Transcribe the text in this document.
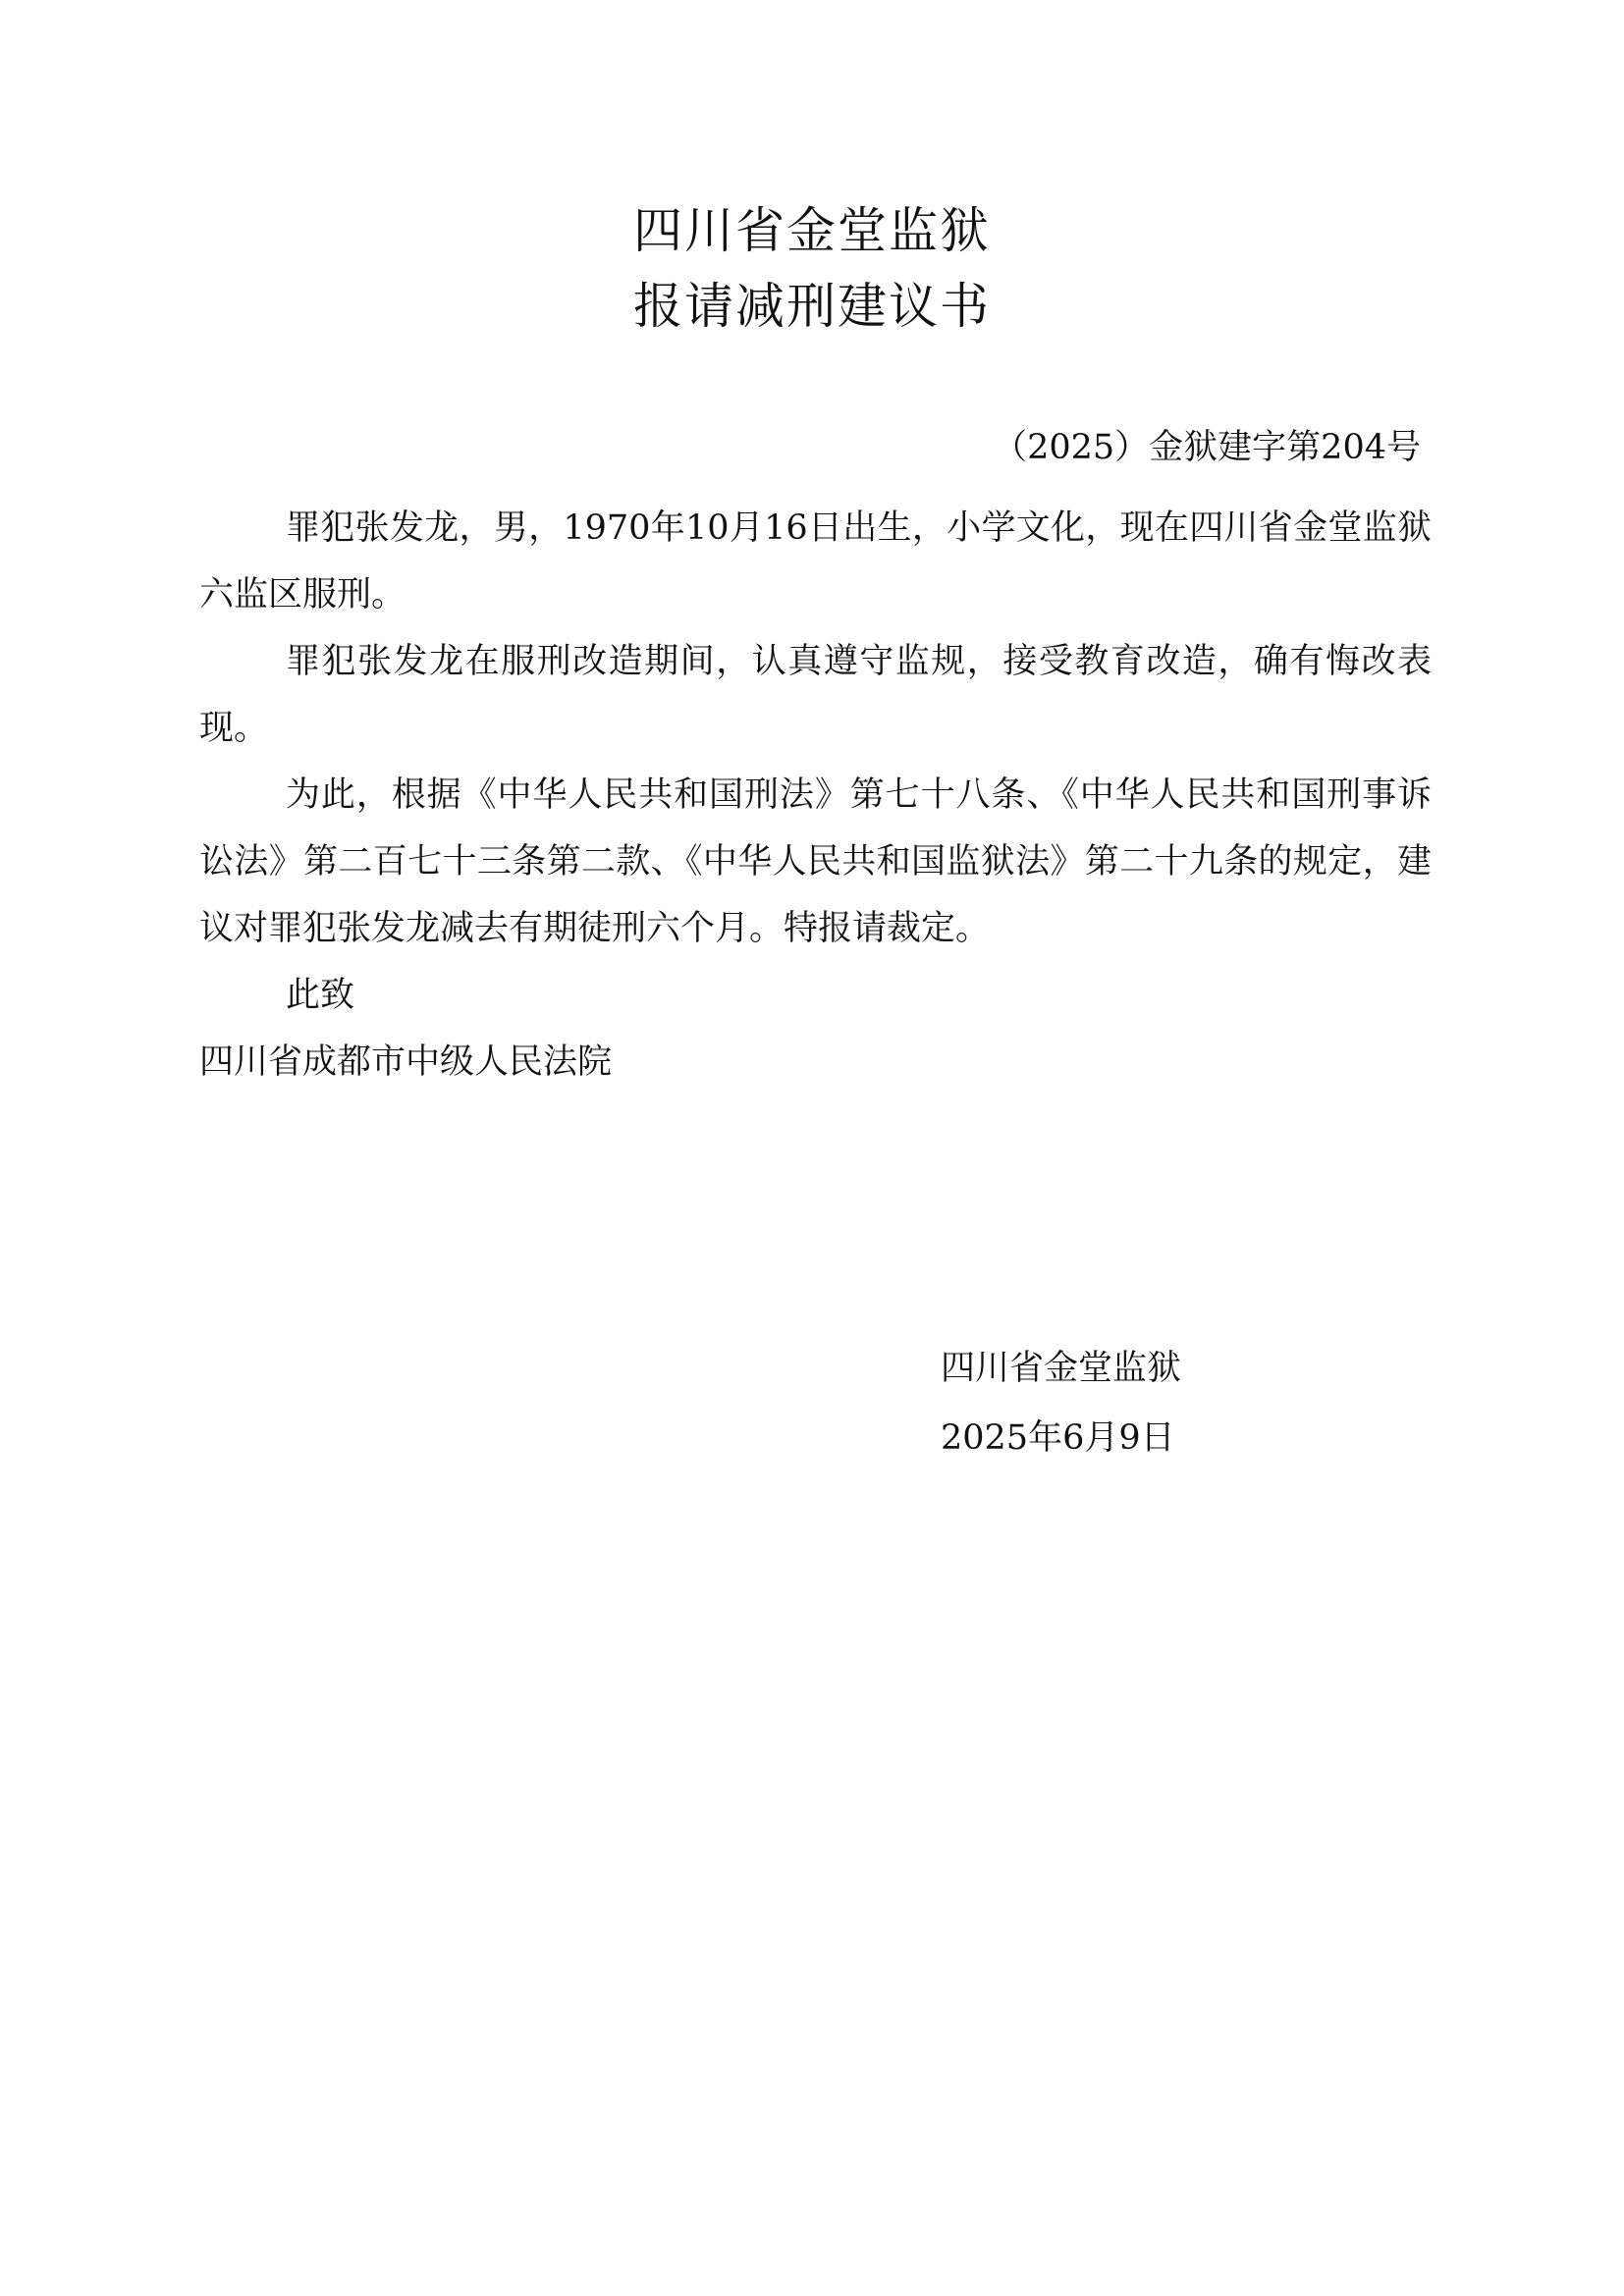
四川省金堂监狱
报请减刑建议书
（2025）金狱建字第204号

罪犯张发龙，男，1970年10月16日出生，小学文化，现在四川省金堂监狱六监区服刑。

罪犯张发龙在服刑改造期间，认真遵守监规，接受教育改造，确有悔改表现。

为此，根据《中华人民共和国刑法》第七十八条、《中华人民共和国刑事诉讼法》第二百七十三条第二款、《中华人民共和国监狱法》第二十九条的规定，建议对罪犯张发龙减去有期徒刑六个月。特报请裁定。

此致

四川省成都市中级人民法院

四川省金堂监狱
2025年6月9日
